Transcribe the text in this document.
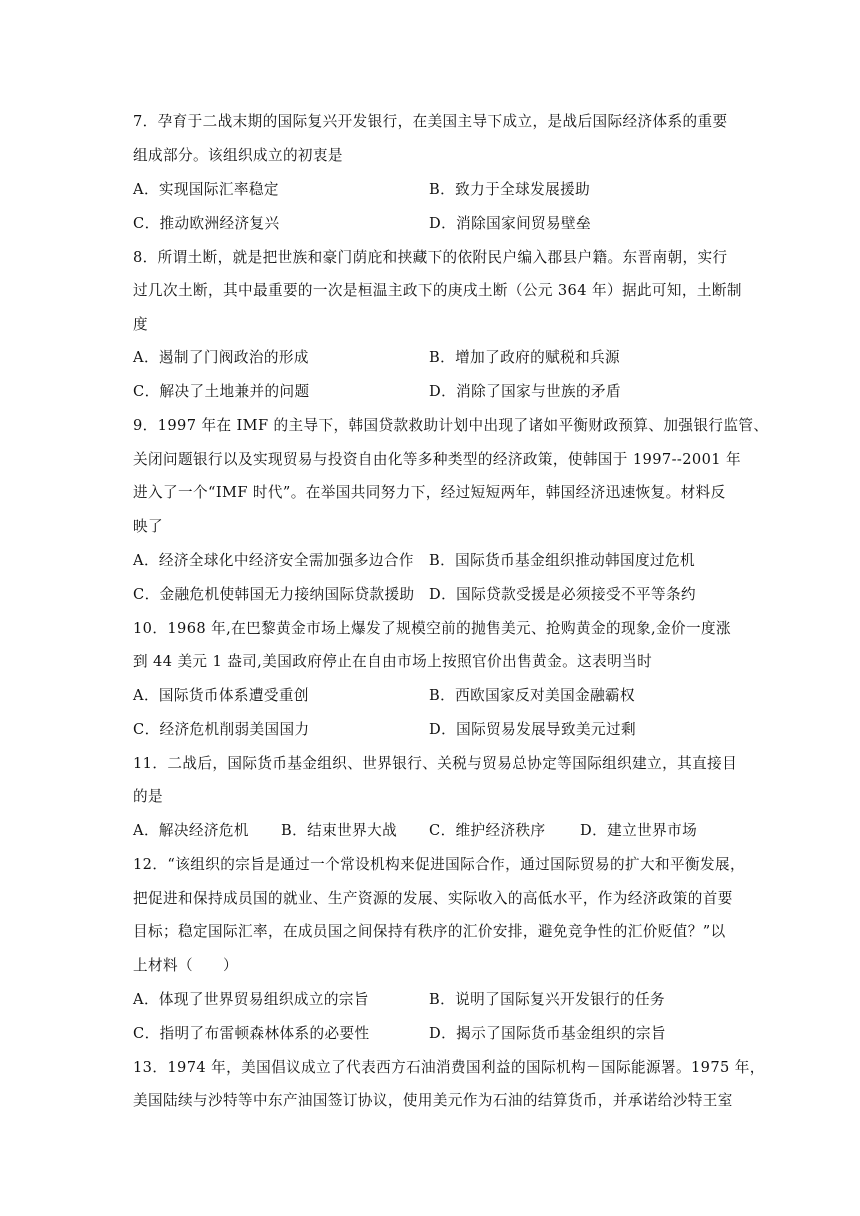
7．孕育于二战末期的国际复兴开发银行，在美国主导下成立，是战后国际经济体系的重要
组成部分。该组织成立的初衷是
A．实现国际汇率稳定	B．致力于全球发展援助
C．推动欧洲经济复兴	D．消除国家间贸易壁垒
8．所谓土断，就是把世族和豪门荫庇和挟藏下的依附民户编入郡县户籍。东晋南朝，实行
过几次土断，其中最重要的一次是桓温主政下的庚戌土断（公元 364 年）据此可知，土断制
度
A．遏制了门阀政治的形成	B．增加了政府的赋税和兵源
C．解决了土地兼并的问题	D．消除了国家与世族的矛盾
9．1997 年在 IMF 的主导下，韩国贷款救助计划中出现了诸如平衡财政预算、加强银行监管、
关闭问题银行以及实现贸易与投资自由化等多种类型的经济政策，使韩国于 1997--2001 年
进入了一个“IMF 时代”。在举国共同努力下，经过短短两年，韩国经济迅速恢复。材料反
映了
A．经济全球化中经济安全需加强多边合作 B．国际货币基金组织推动韩国度过危机
C．金融危机使韩国无力接纳国际贷款援助 D．国际贷款受援是必须接受不平等条约
10．1968 年,在巴黎黄金市场上爆发了规模空前的抛售美元、抢购黄金的现象,金价一度涨
到 44 美元 1 盎司,美国政府停止在自由市场上按照官价出售黄金。这表明当时
A．国际货币体系遭受重创	B．西欧国家反对美国金融霸权
C．经济危机削弱美国国力	D．国际贸易发展导致美元过剩
11．二战后，国际货币基金组织、世界银行、关税与贸易总协定等国际组织建立，其直接目
的是
A．解决经济危机 B．结束世界大战 C．维护经济秩序 D．建立世界市场
12．“该组织的宗旨是通过一个常设机构来促进国际合作，通过国际贸易的扩大和平衡发展，
把促进和保持成员国的就业、生产资源的发展、实际收入的高低水平，作为经济政策的首要
目标；稳定国际汇率，在成员国之间保持有秩序的汇价安排，避免竞争性的汇价贬值？”以
上材料（　　）
A．体现了世界贸易组织成立的宗旨	B．说明了国际复兴开发银行的任务
C．指明了布雷顿森林体系的必要性	D．揭示了国际货币基金组织的宗旨
13．1974 年，美国倡议成立了代表西方石油消费国利益的国际机构－国际能源署。1975 年，
美国陆续与沙特等中东产油国签订协议，使用美元作为石油的结算货币，并承诺给沙特王室
